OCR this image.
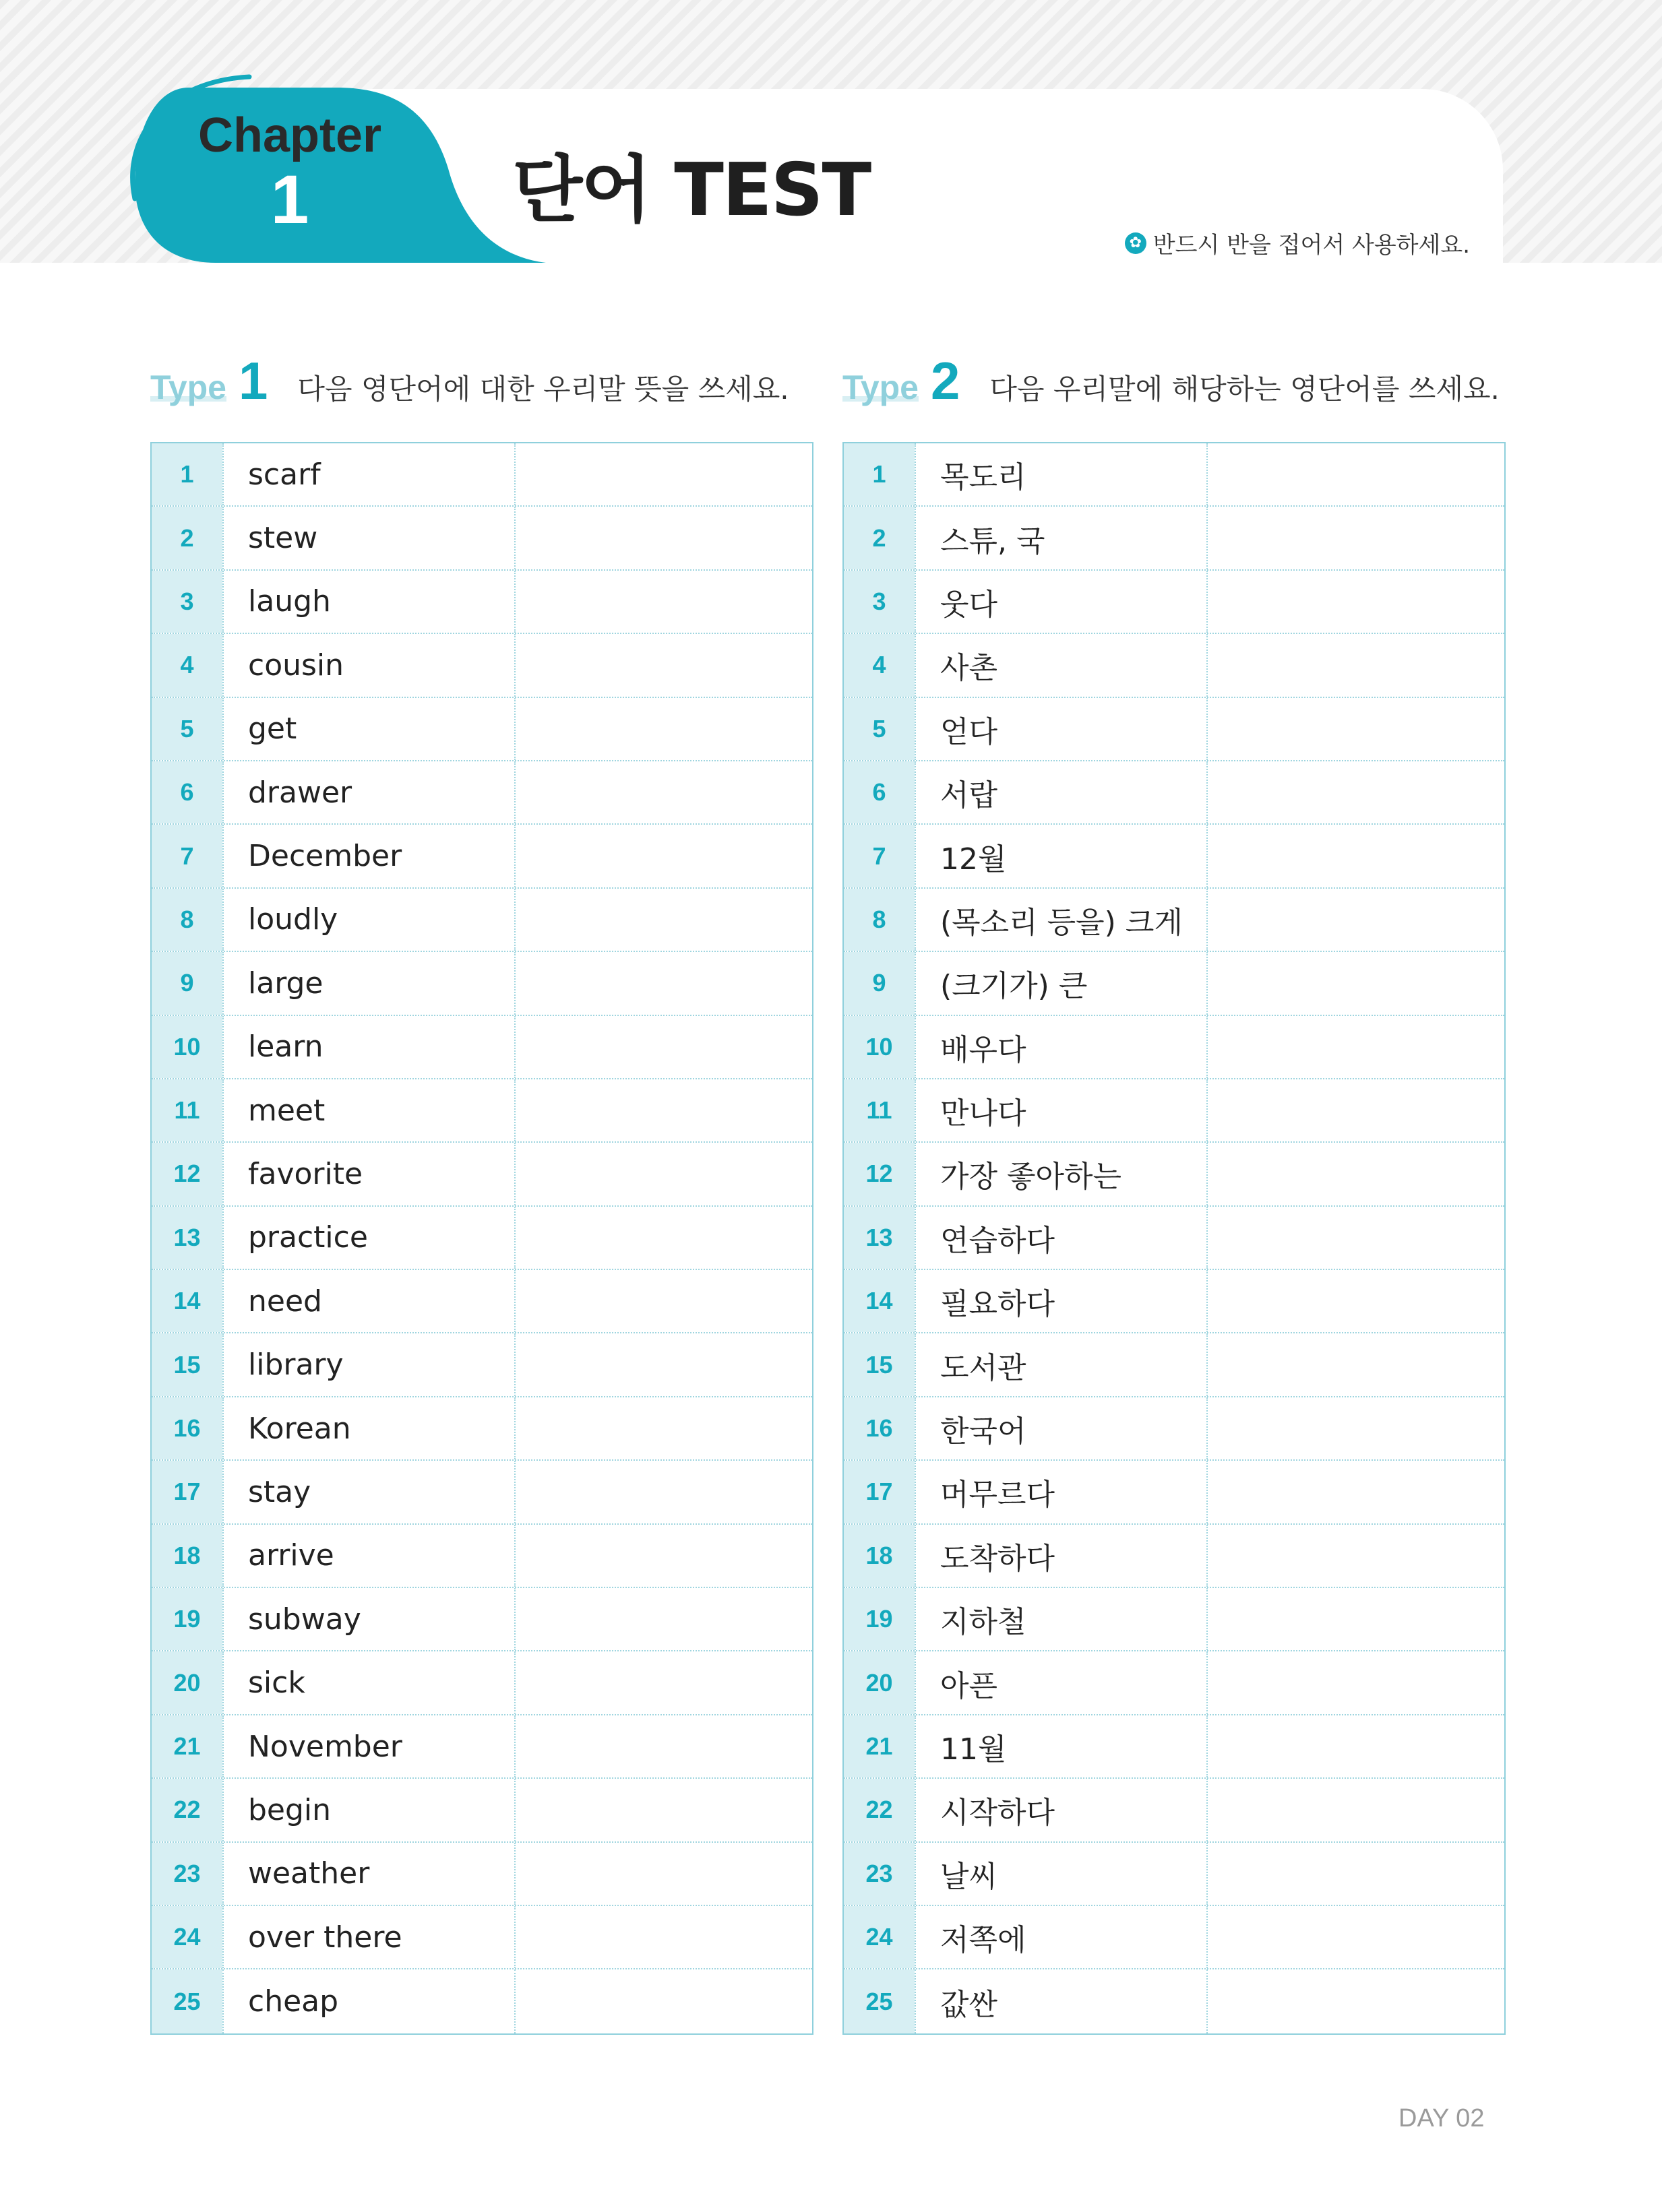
Chapter
1	단어 TEST
✿ 반드시 반을 접어서 사용하세요.
Type 1 다음 영단어에 대한 우리말 뜻을 쓰세요.
1	scarf
2	stew
3	laugh
4	cousin
5	get
6	drawer
7	December
8	loudly
9	large
10	learn
11	meet
12	favorite
13	practice
14	need
15	library
16	Korean
17	stay
18	arrive
19	subway
20	sick
21	November
22	begin
23	weather
24	over there
25	cheap
Type 2 다음 우리말에 해당하는 영단어를 쓰세요.
1	목도리
2	스튜, 국
3	웃다
4	사촌
5	얻다
6	서랍
7	12월
8	(목소리 등을) 크게
9	(크기가) 큰
10	배우다
11	만나다
12	가장 좋아하는
13	연습하다
14	필요하다
15	도서관
16	한국어
17	머무르다
18	도착하다
19	지하철
20	아픈
21	11월
22	시작하다
23	날씨
24	저쪽에
25	값싼
DAY 02
